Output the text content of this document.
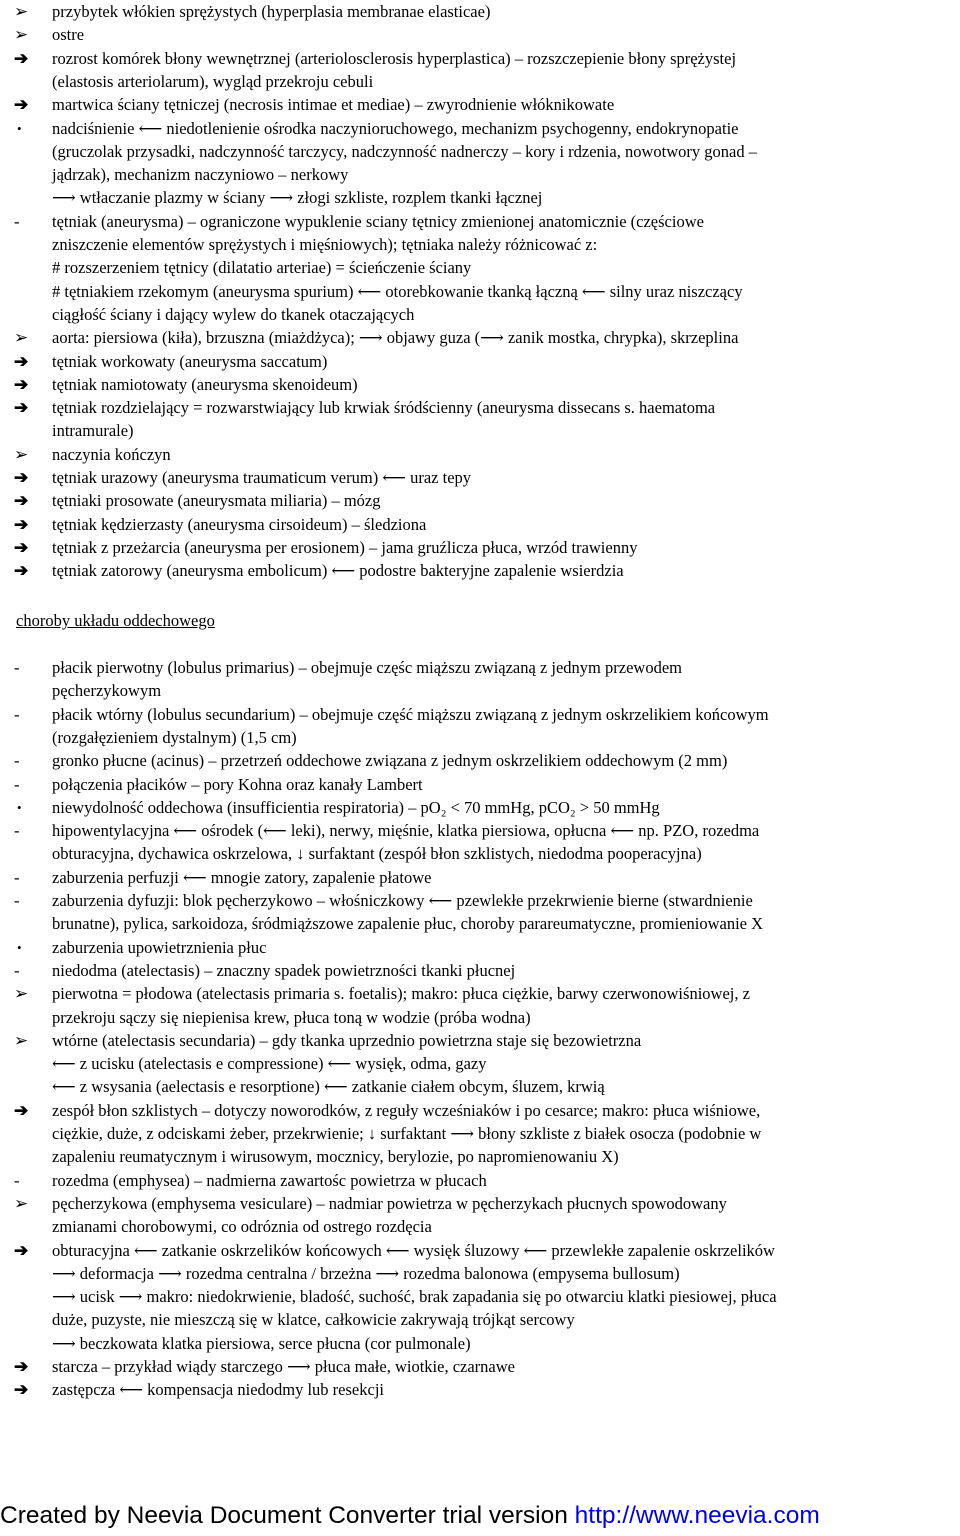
➢	przybytek włókien sprężystych (hyperplasia membranae elasticae)
➢	ostre
➔	rozrost komórek błony wewnętrznej (arteriolosclerosis hyperplastica) – rozszczepienie błony sprężystej
(elastosis arteriolarum), wygląd przekroju cebuli
➔	martwica ściany tętniczej (necrosis intimae et mediae) – zwyrodnienie włóknikowate
•	nadciśnienie ⟵ niedotlenienie ośrodka naczynioruchowego, mechanizm psychogenny, endokrynopatie
(gruczolak przysadki, nadczynność tarczycy, nadczynność nadnerczy – kory i rdzenia, nowotwory gonad –
jądrzak), mechanizm naczyniowo – nerkowy
⟶ wtłaczanie plazmy w ściany ⟶ złogi szkliste, rozplem tkanki łącznej
-	tętniak (aneurysma) – ograniczone wypuklenie sciany tętnicy zmienionej anatomicznie (częściowe
zniszczenie elementów sprężystych i mięśniowych); tętniaka należy różnicować z:
# rozszerzeniem tętnicy (dilatatio arteriae) = ścieńczenie ściany
# tętniakiem rzekomym (aneurysma spurium) ⟵ otorebkowanie tkanką łączną ⟵ silny uraz niszczący
ciągłość ściany i dający wylew do tkanek otaczających
➢	aorta: piersiowa (kiła), brzuszna (miażdżyca); ⟶ objawy guza (⟶ zanik mostka, chrypka), skrzeplina
➔	tętniak workowaty (aneurysma saccatum)
➔	tętniak namiotowaty (aneurysma skenoideum)
➔	tętniak rozdzielający = rozwarstwiający lub krwiak śródścienny (aneurysma dissecans s. haematoma
intramurale)
➢	naczynia kończyn
➔	tętniak urazowy (aneurysma traumaticum verum) ⟵ uraz tepy
➔	tętniaki prosowate (aneurysmata miliaria) – mózg
➔	tętniak kędzierzasty (aneurysma cirsoideum) – śledziona
➔	tętniak z przeżarcia (aneurysma per erosionem) – jama gruźlicza płuca, wrzód trawienny
➔	tętniak zatorowy (aneurysma embolicum) ⟵ podostre bakteryjne zapalenie wsierdzia
choroby układu oddechowego
-	płacik pierwotny (lobulus primarius) – obejmuje częśc miąższu związaną z jednym przewodem
pęcherzykowym
-	płacik wtórny (lobulus secundarium) – obejmuje część miąższu związaną z jednym oskrzelikiem końcowym
(rozgałęzieniem dystalnym) (1,5 cm)
-	gronko płucne (acinus) – przetrzeń oddechowe związana z jednym oskrzelikiem oddechowym (2 mm)
-	połączenia płacików – pory Kohna oraz kanały Lambert
•	niewydolność oddechowa (insufficientia respiratoria) – pO₂ < 70 mmHg, pCO₂ > 50 mmHg
-	hipowentylacyjna ⟵ ośrodek (⟵ leki), nerwy, mięśnie, klatka piersiowa, opłucna ⟵ np. PZO, rozedma
obturacyjna, dychawica oskrzelowa, ↓ surfaktant (zespół błon szklistych, niedodma pooperacyjna)
-	zaburzenia perfuzji ⟵ mnogie zatory, zapalenie płatowe
-	zaburzenia dyfuzji: blok pęcherzykowo – włośniczkowy ⟵ pzewlekłe przekrwienie bierne (stwardnienie
brunatne), pylica, sarkoidoza, śródmiąższowe zapalenie płuc, choroby parareumatyczne, promieniowanie X
•	zaburzenia upowietrznienia płuc
-	niedodma (atelectasis) – znaczny spadek powietrzności tkanki płucnej
➢	pierwotna = płodowa (atelectasis primaria s. foetalis); makro: płuca ciężkie, barwy czerwonowiśniowej, z
przekroju sączy się niepienisa krew, płuca toną w wodzie (próba wodna)
➢	wtórne (atelectasis secundaria) – gdy tkanka uprzednio powietrzna staje się bezowietrzna
⟵ z ucisku (atelectasis e compressione) ⟵ wysięk, odma, gazy
⟵ z wsysania (aelectasis e resorptione) ⟵ zatkanie ciałem obcym, śluzem, krwią
➔	zespół błon szklistych – dotyczy noworodków, z reguły wcześniaków i po cesarce; makro: płuca wiśniowe,
ciężkie, duże, z odciskami żeber, przekrwienie; ↓ surfaktant ⟶ błony szkliste z białek osocza (podobnie w
zapaleniu reumatycznym i wirusowym, mocznicy, berylozie, po napromienowaniu X)
-	rozedma (emphysea) – nadmierna zawartośc powietrza w płucach
➢	pęcherzykowa (emphysema vesiculare) – nadmiar powietrza w pęcherzykach płucnych spowodowany
zmianami chorobowymi, co odróznia od ostrego rozdęcia
➔	obturacyjna ⟵ zatkanie oskrzelików końcowych ⟵ wysięk śluzowy ⟵ przewlekłe zapalenie oskrzelików
⟶ deformacja ⟶ rozedma centralna / brzeżna ⟶ rozedma balonowa (empysema bullosum)
⟶ ucisk ⟶ makro: niedokrwienie, bladość, suchość, brak zapadania się po otwarciu klatki piesiowej, płuca
duże, puzyste, nie mieszczą się w klatce, całkowicie zakrywają trójkąt sercowy
⟶ beczkowata klatka piersiowa, serce płucna (cor pulmonale)
➔	starcza – przykład wiądy starczego ⟶ płuca małe, wiotkie, czarnawe
➔	zastępcza ⟵ kompensacja niedodmy lub resekcji
Created by Neevia Document Converter trial version http://www.neevia.com
